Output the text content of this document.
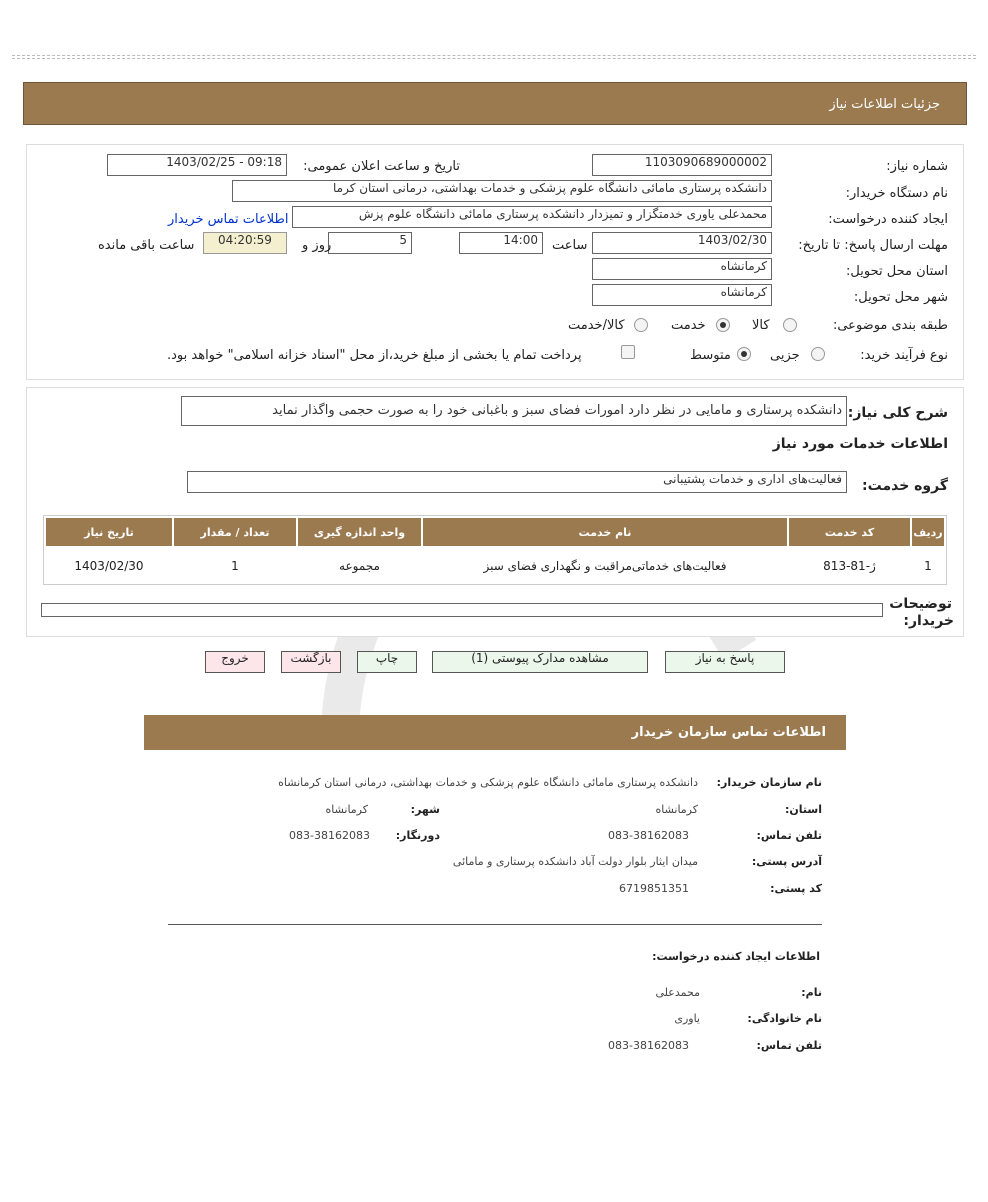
جزئیات اطلاعات نیاز
شماره نیاز:
1103090689000002
تاریخ و ساعت اعلان عمومی:
1403/02/25 - 09:18
نام دستگاه خریدار:
دانشکده پرستاری مامائی دانشگاه علوم پزشکی و خدمات بهداشتی، درمانی استان کرما
ایجاد کننده درخواست:
محمدعلی یاوری خدمتگزار و تمیزدار دانشکده پرستاری مامائی دانشگاه علوم پزش
اطلاعات تماس خریدار
مهلت ارسال پاسخ: تا تاریخ:
1403/02/30
ساعت
14:00
5
روز و
04:20:59
ساعت باقی مانده
استان محل تحویل:
کرمانشاه
شهر محل تحویل:
کرمانشاه
طبقه بندی موضوعی:
کالا
خدمت
کالا/خدمت
نوع فرآیند خرید:
جزیی
متوسط
پرداخت تمام یا بخشی از مبلغ خرید،از محل "اسناد خزانه اسلامی" خواهد بود.
شرح کلی نیاز:
دانشکده پرستاری و مامایی در نظر دارد امورات فضای سبز و باغبانی خود را به صورت حجمی واگذار نماید
اطلاعات خدمات مورد نیاز
گروه خدمت:
فعالیت‌های اداری و خدمات پشتیبانی
ردیف	کد خدمت	نام خدمت	واحد اندازه گیری	تعداد / مقدار	تاریخ نیاز
1	ژ-81-813	فعالیت‌های خدماتی‌مراقبت و نگهداری فضای سبز	مجموعه	1	1403/02/30
توضیحات
خریدار:
پاسخ به نیاز
مشاهده مدارک پیوستی (1)
چاپ
بازگشت
خروج
اطلاعات تماس سازمان خریدار
نام سازمان خریدار:
دانشکده پرستاری مامائی دانشگاه علوم پزشکی و خدمات بهداشتی، درمانی استان کرمانشاه
استان:
کرمانشاه
شهر:
کرمانشاه
تلفن تماس:
083-38162083
دورنگار:
083-38162083
آدرس پستی:
میدان ایثار بلوار دولت آباد دانشکده پرستاری و مامائی
کد پستی:
6719851351
اطلاعات ایجاد کننده درخواست:
نام:
محمدعلی
نام خانوادگی:
یاوری
تلفن تماس:
083-38162083
